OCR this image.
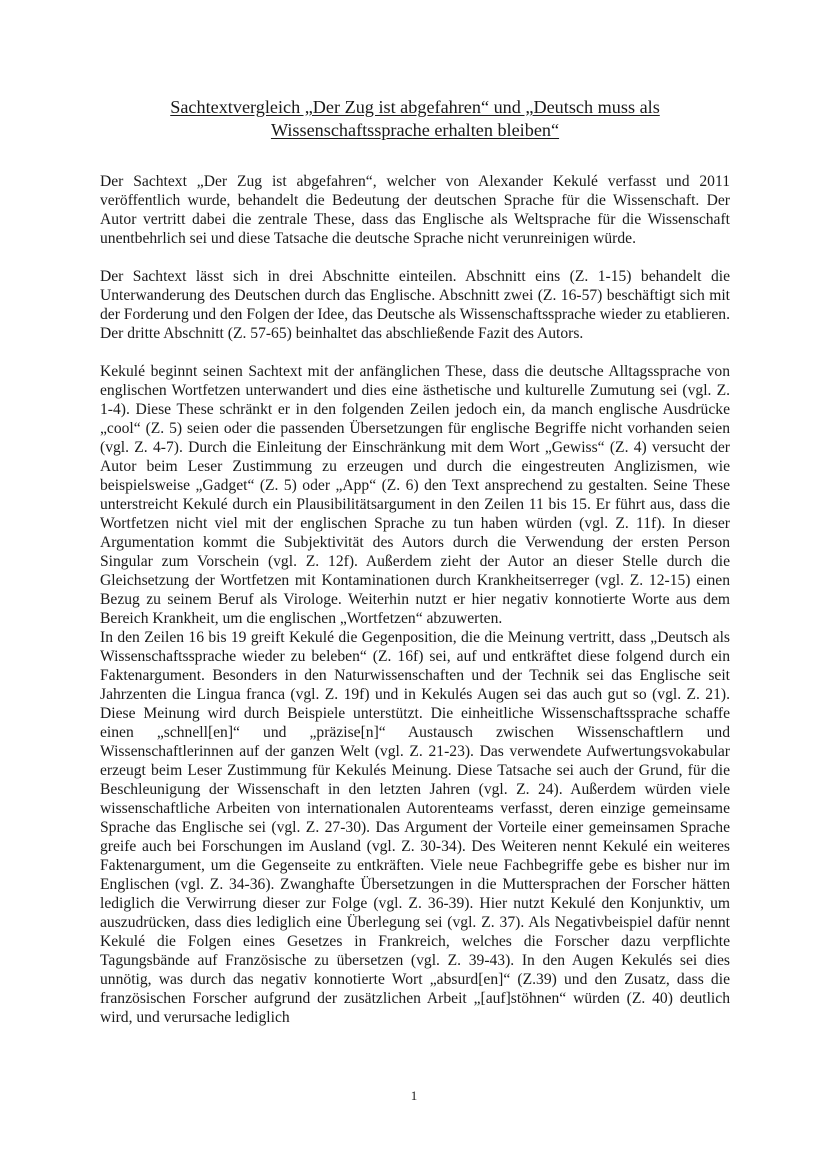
Sachtextvergleich „Der Zug ist abgefahren“ und „Deutsch muss als
Wissenschaftssprache erhalten bleiben“

Der Sachtext „Der Zug ist abgefahren“, welcher von Alexander Kekulé verfasst und 2011 veröffentlich wurde, behandelt die Bedeutung der deutschen Sprache für die Wissenschaft. Der Autor vertritt dabei die zentrale These, dass das Englische als Weltsprache für die Wissenschaft unentbehrlich sei und diese Tatsache die deutsche Sprache nicht verunreinigen würde.

Der Sachtext lässt sich in drei Abschnitte einteilen. Abschnitt eins (Z. 1-15) behandelt die Unterwanderung des Deutschen durch das Englische. Abschnitt zwei (Z. 16-57) beschäftigt sich mit der Forderung und den Folgen der Idee, das Deutsche als Wissenschaftssprache wieder zu etablieren. Der dritte Abschnitt (Z. 57-65) beinhaltet das abschließende Fazit des Autors.

Kekulé beginnt seinen Sachtext mit der anfänglichen These, dass die deutsche Alltagssprache von englischen Wortfetzen unterwandert und dies eine ästhetische und kulturelle Zumutung sei (vgl. Z. 1-4). Diese These schränkt er in den folgenden Zeilen jedoch ein, da manch englische Ausdrücke „cool“ (Z. 5) seien oder die passenden Übersetzungen für englische Begriffe nicht vorhanden seien (vgl. Z. 4-7). Durch die Einleitung der Einschränkung mit dem Wort „Gewiss“ (Z. 4) versucht der Autor beim Leser Zustimmung zu erzeugen und durch die eingestreuten Anglizismen, wie beispielsweise „Gadget“ (Z. 5) oder „App“ (Z. 6) den Text ansprechend zu gestalten. Seine These unterstreicht Kekulé durch ein Plausibilitätsargument in den Zeilen 11 bis 15. Er führt aus, dass die Wortfetzen nicht viel mit der englischen Sprache zu tun haben würden (vgl. Z. 11f). In dieser Argumentation kommt die Subjektivität des Autors durch die Verwendung der ersten Person Singular zum Vorschein (vgl. Z. 12f). Außerdem zieht der Autor an dieser Stelle durch die Gleichsetzung der Wortfetzen mit Kontaminationen durch Krankheitserreger (vgl. Z. 12-15) einen Bezug zu seinem Beruf als Virologe. Weiterhin nutzt er hier negativ konnotierte Worte aus dem Bereich Krankheit, um die englischen „Wortfetzen“ abzuwerten.

In den Zeilen 16 bis 19 greift Kekulé die Gegenposition, die die Meinung vertritt, dass „Deutsch als Wissenschaftssprache wieder zu beleben“ (Z. 16f) sei, auf und entkräftet diese folgend durch ein Faktenargument. Besonders in den Naturwissenschaften und der Technik sei das Englische seit Jahrzenten die Lingua franca (vgl. Z. 19f) und in Kekulés Augen sei das auch gut so (vgl. Z. 21). Diese Meinung wird durch Beispiele unterstützt. Die einheitliche Wissenschaftssprache schaffe einen „schnell[en]“ und „präzise[n]“ Austausch zwischen Wissenschaftlern und Wissenschaftlerinnen auf der ganzen Welt (vgl. Z. 21-23). Das verwendete Aufwertungsvokabular erzeugt beim Leser Zustimmung für Kekulés Meinung. Diese Tatsache sei auch der Grund, für die Beschleunigung der Wissenschaft in den letzten Jahren (vgl. Z. 24). Außerdem würden viele wissenschaftliche Arbeiten von internationalen Autorenteams verfasst, deren einzige gemeinsame Sprache das Englische sei (vgl. Z. 27-30). Das Argument der Vorteile einer gemeinsamen Sprache greife auch bei Forschungen im Ausland (vgl. Z. 30-34). Des Weiteren nennt Kekulé ein weiteres Faktenargument, um die Gegenseite zu entkräften. Viele neue Fachbegriffe gebe es bisher nur im Englischen (vgl. Z. 34-36). Zwanghafte Übersetzungen in die Muttersprachen der Forscher hätten lediglich die Verwirrung dieser zur Folge (vgl. Z. 36-39). Hier nutzt Kekulé den Konjunktiv, um auszudrücken, dass dies lediglich eine Überlegung sei (vgl. Z. 37). Als Negativbeispiel dafür nennt Kekulé die Folgen eines Gesetzes in Frankreich, welches die Forscher dazu verpflichte Tagungsbände auf Französische zu übersetzen (vgl. Z. 39-43). In den Augen Kekulés sei dies unnötig, was durch das negativ konnotierte Wort „absurd[en]“ (Z.39) und den Zusatz, dass die französischen Forscher aufgrund der zusätzlichen Arbeit „[auf]stöhnen“ würden (Z. 40) deutlich wird, und verursache lediglich

1
